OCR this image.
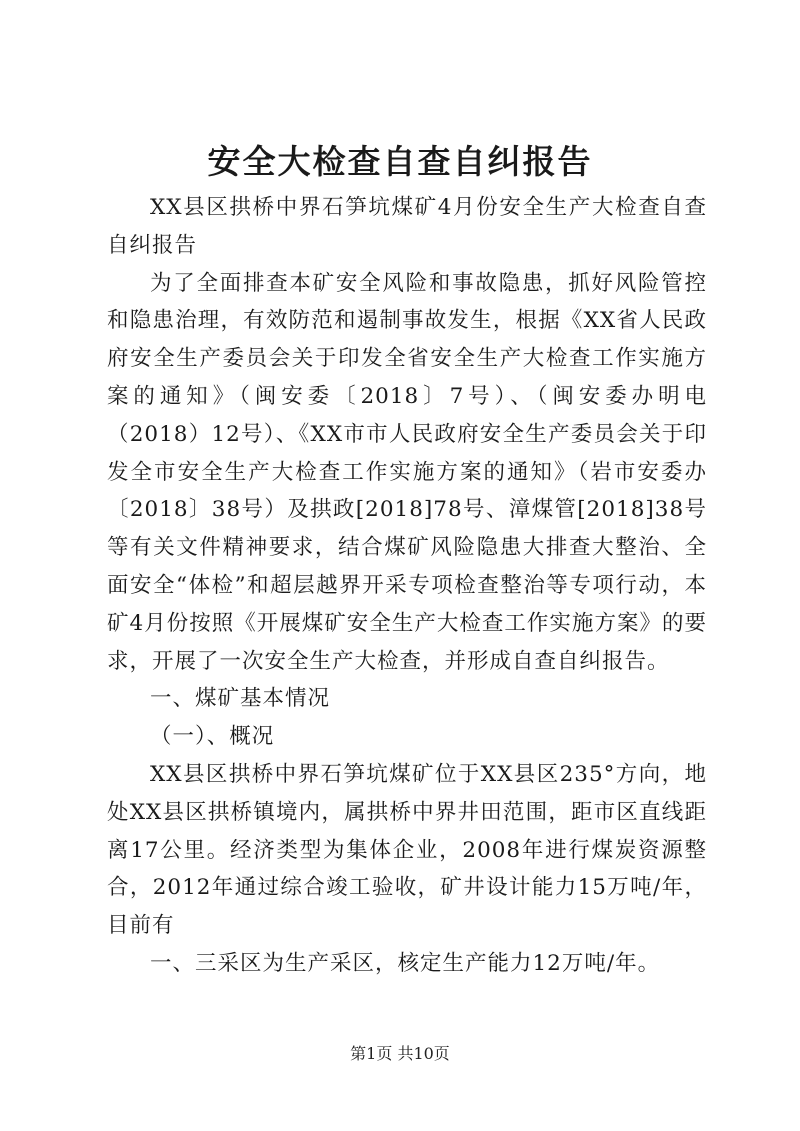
安全大检查自查自纠报告

XX县区拱桥中界石笋坑煤矿4月份安全生产大检查自查自纠报告

为了全面排查本矿安全风险和事故隐患，抓好风险管控和隐患治理，有效防范和遏制事故发生，根据《XX省人民政府安全生产委员会关于印发全省安全生产大检查工作实施方案的通知》（闽安委〔2018〕7号）、（闽安委办明电（2018）12号）、《XX市市人民政府安全生产委员会关于印发全市安全生产大检查工作实施方案的通知》（岩市安委办〔2018〕38号）及拱政[2018]78号、漳煤管[2018]38号等有关文件精神要求，结合煤矿风险隐患大排查大整治、全面安全“体检”和超层越界开采专项检查整治等专项行动，本矿4月份按照《开展煤矿安全生产大检查工作实施方案》的要求，开展了一次安全生产大检查，并形成自查自纠报告。

一、煤矿基本情况

（一）、概况

XX县区拱桥中界石笋坑煤矿位于XX县区235°方向，地处XX县区拱桥镇境内，属拱桥中界井田范围，距市区直线距离17公里。经济类型为集体企业，2008年进行煤炭资源整合，2012年通过综合竣工验收，矿井设计能力15万吨/年，目前有

一、三采区为生产采区，核定生产能力12万吨/年。

第1页 共10页
